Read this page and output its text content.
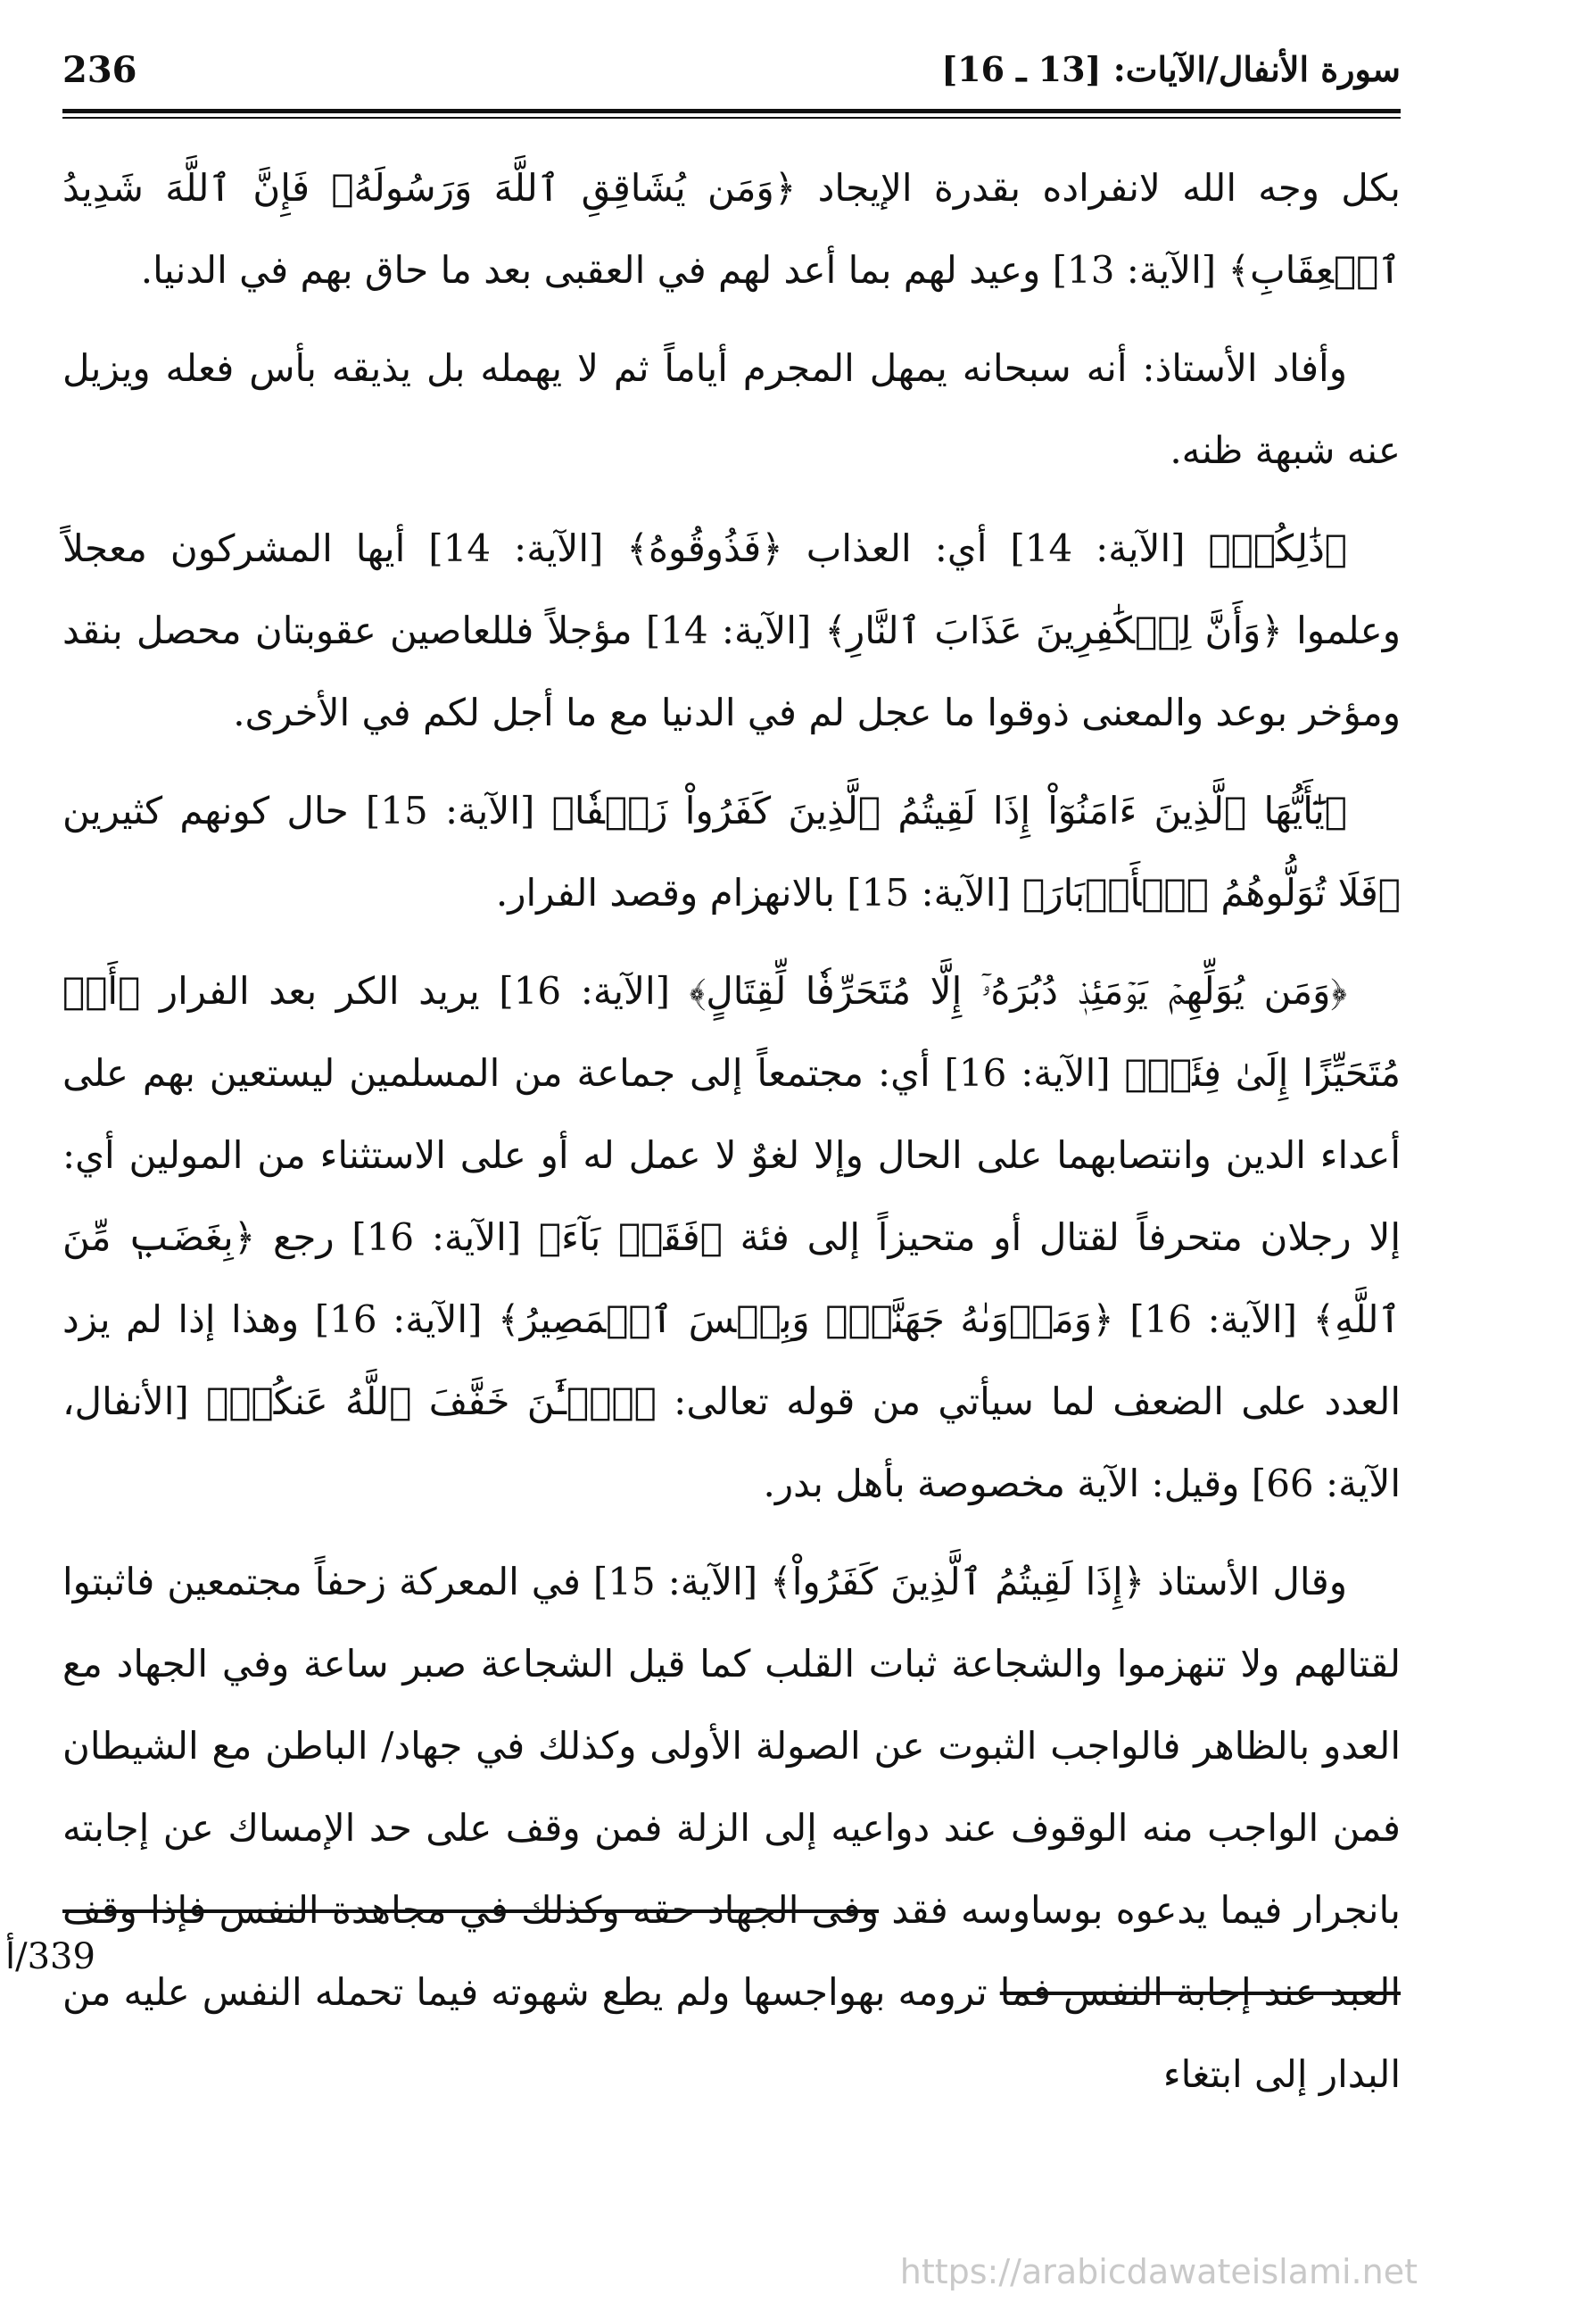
236	سورة الأنفال/الآيات: [13 ـ 16]

بكل وجه الله لانفراده بقدرة الإيجاد ﴿وَمَن يُشَاقِقِ ٱللَّهَ وَرَسُولَهُۥ فَإِنَّ ٱللَّهَ شَدِيدُ ٱلۡعِقَابِ﴾ [الآية: 13] وعيد لهم بما أعد لهم في العقبى بعد ما حاق بهم في الدنيا.

وأفاد الأستاذ: أنه سبحانه يمهل المجرم أياماً ثم لا يهمله بل يذيقه بأس فعله ويزيل عنه شبهة ظنه.

﴿ذَٰلِكُمۡ﴾ [الآية: 14] أي: العذاب ﴿فَذُوقُوهُ﴾ [الآية: 14] أيها المشركون معجلاً وعلموا ﴿وَأَنَّ لِلۡكَٰفِرِينَ عَذَابَ ٱلنَّارِ﴾ [الآية: 14] مؤجلاً فللعاصين عقوبتان محصل بنقد ومؤخر بوعد والمعنى ذوقوا ما عجل لم في الدنيا مع ما أجل لكم في الأخرى.

﴿يَٰٓأَيُّهَا ٱلَّذِينَ ءَامَنُوٓاْ إِذَا لَقِيتُمُ ٱلَّذِينَ كَفَرُواْ زَحۡفٗا﴾ [الآية: 15] حال كونهم كثيرين ﴿فَلَا تُوَلُّوهُمُ ٱلۡأَدۡبَارَ﴾ [الآية: 15] بالانهزام وقصد الفرار.

﴿وَمَن يُوَلِّهِمۡ يَوۡمَئِذٖ دُبُرَهُۥٓ إِلَّا مُتَحَرِّفٗا لِّقِتَالٍ﴾ [الآية: 16] يريد الكر بعد الفرار ﴿أَوۡ مُتَحَيِّزًا إِلَىٰ فِئَةٖ﴾ [الآية: 16] أي: مجتمعاً إلى جماعة من المسلمين ليستعين بهم على أعداء الدين وانتصابهما على الحال وإلا لغوٌ لا عمل له أو على الاستثناء من المولين أي: إلا رجلان متحرفاً لقتال أو متحيزاً إلى فئة ﴿فَقَدۡ بَآءَ﴾ [الآية: 16] رجع ﴿بِغَضَبٖ مِّنَ ٱللَّهِ﴾ [الآية: 16] ﴿وَمَأۡوَىٰهُ جَهَنَّمُۖ وَبِئۡسَ ٱلۡمَصِيرُ﴾ [الآية: 16] وهذا إذا لم يزد العدد على الضعف لما سيأتي من قوله تعالى: ﴿ٱلۡـَٰٔنَ خَفَّفَ ٱللَّهُ عَنكُمۡ﴾ [الأنفال، الآية: 66] وقيل: الآية مخصوصة بأهل بدر.

وقال الأستاذ ﴿إِذَا لَقِيتُمُ ٱلَّذِينَ كَفَرُواْ﴾ [الآية: 15] في المعركة زحفاً مجتمعين فاثبتوا لقتالهم ولا تنهزموا والشجاعة ثبات القلب كما قيل الشجاعة صبر ساعة وفي الجهاد مع العدو بالظاهر فالواجب الثبوت عن الصولة الأولى وكذلك في جهاد/ الباطن مع الشيطان فمن الواجب منه الوقوف عند دواعيه إلى الزلة فمن وقف على حد الإمساك عن إجابته بانجرار فيما يدعوه بوساوسه فقد وفى الجهاد حقه وكذلك في مجاهدة النفس فإذا وقف العبد عند إجابة النفس فما ترومه بهواجسها ولم يطع شهوته فيما تحمله النفس عليه من البدار إلى ابتغاء

339/أ
https://arabicdawateislami.net
